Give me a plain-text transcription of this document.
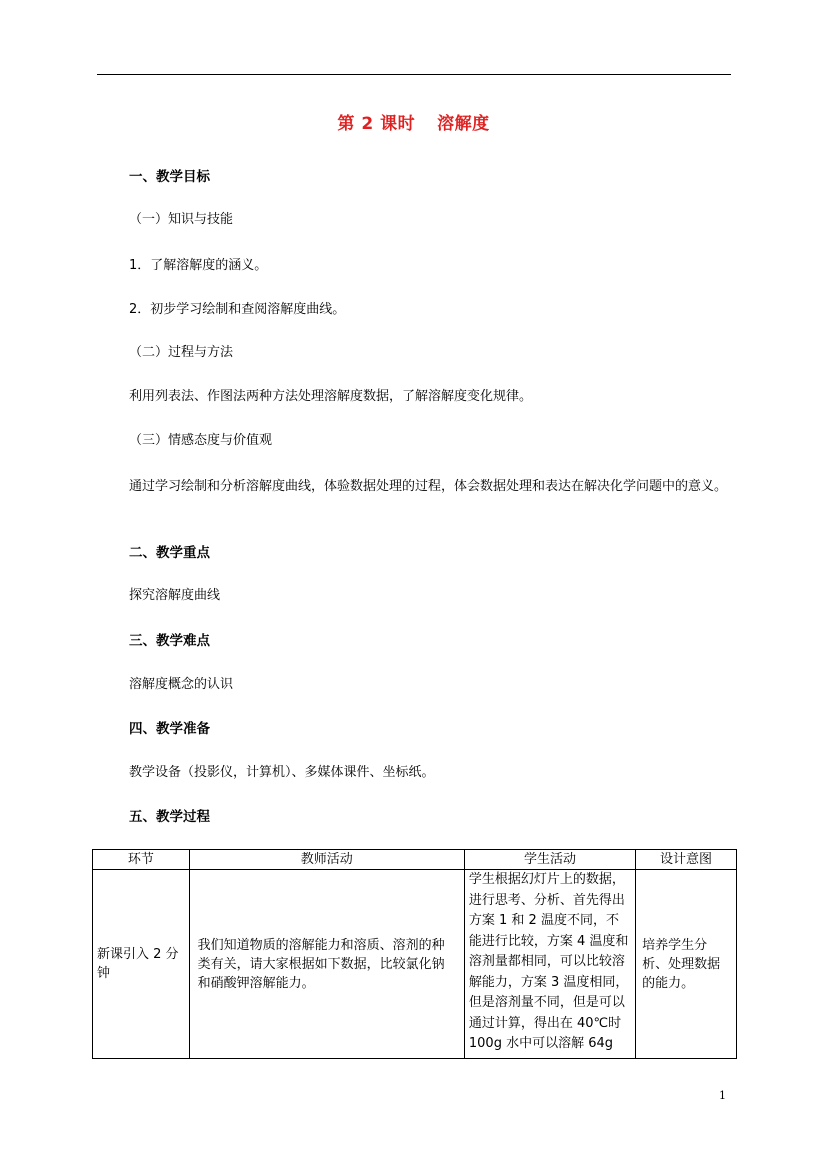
第 2 课时 溶解度
一、教学目标
（一）知识与技能
1．了解溶解度的涵义。
2．初步学习绘制和查阅溶解度曲线。
（二）过程与方法
利用列表法、作图法两种方法处理溶解度数据，了解溶解度变化规律。
（三）情感态度与价值观
通过学习绘制和分析溶解度曲线，体验数据处理的过程，体会数据处理和表达在解决化学问题中的意义。
二、教学重点
探究溶解度曲线
三、教学难点
溶解度概念的认识
四、教学准备
教学设备（投影仪，计算机）、多媒体课件、坐标纸。
五、教学过程
环节	教师活动	学生活动	设计意图
新课引入 2 分钟	我们知道物质的溶解能力和溶质、溶剂的种类有关，请大家根据如下数据，比较氯化钠和硝酸钾溶解能力。	学生根据幻灯片上的数据，进行思考、分析、首先得出方案 1 和 2 温度不同，不能进行比较，方案 4 温度和溶剂量都相同，可以比较溶解能力，方案 3 温度相同，但是溶剂量不同，但是可以通过计算，得出在 40℃时 100g 水中可以溶解 64g	培养学生分析、处理数据的能力。
1
